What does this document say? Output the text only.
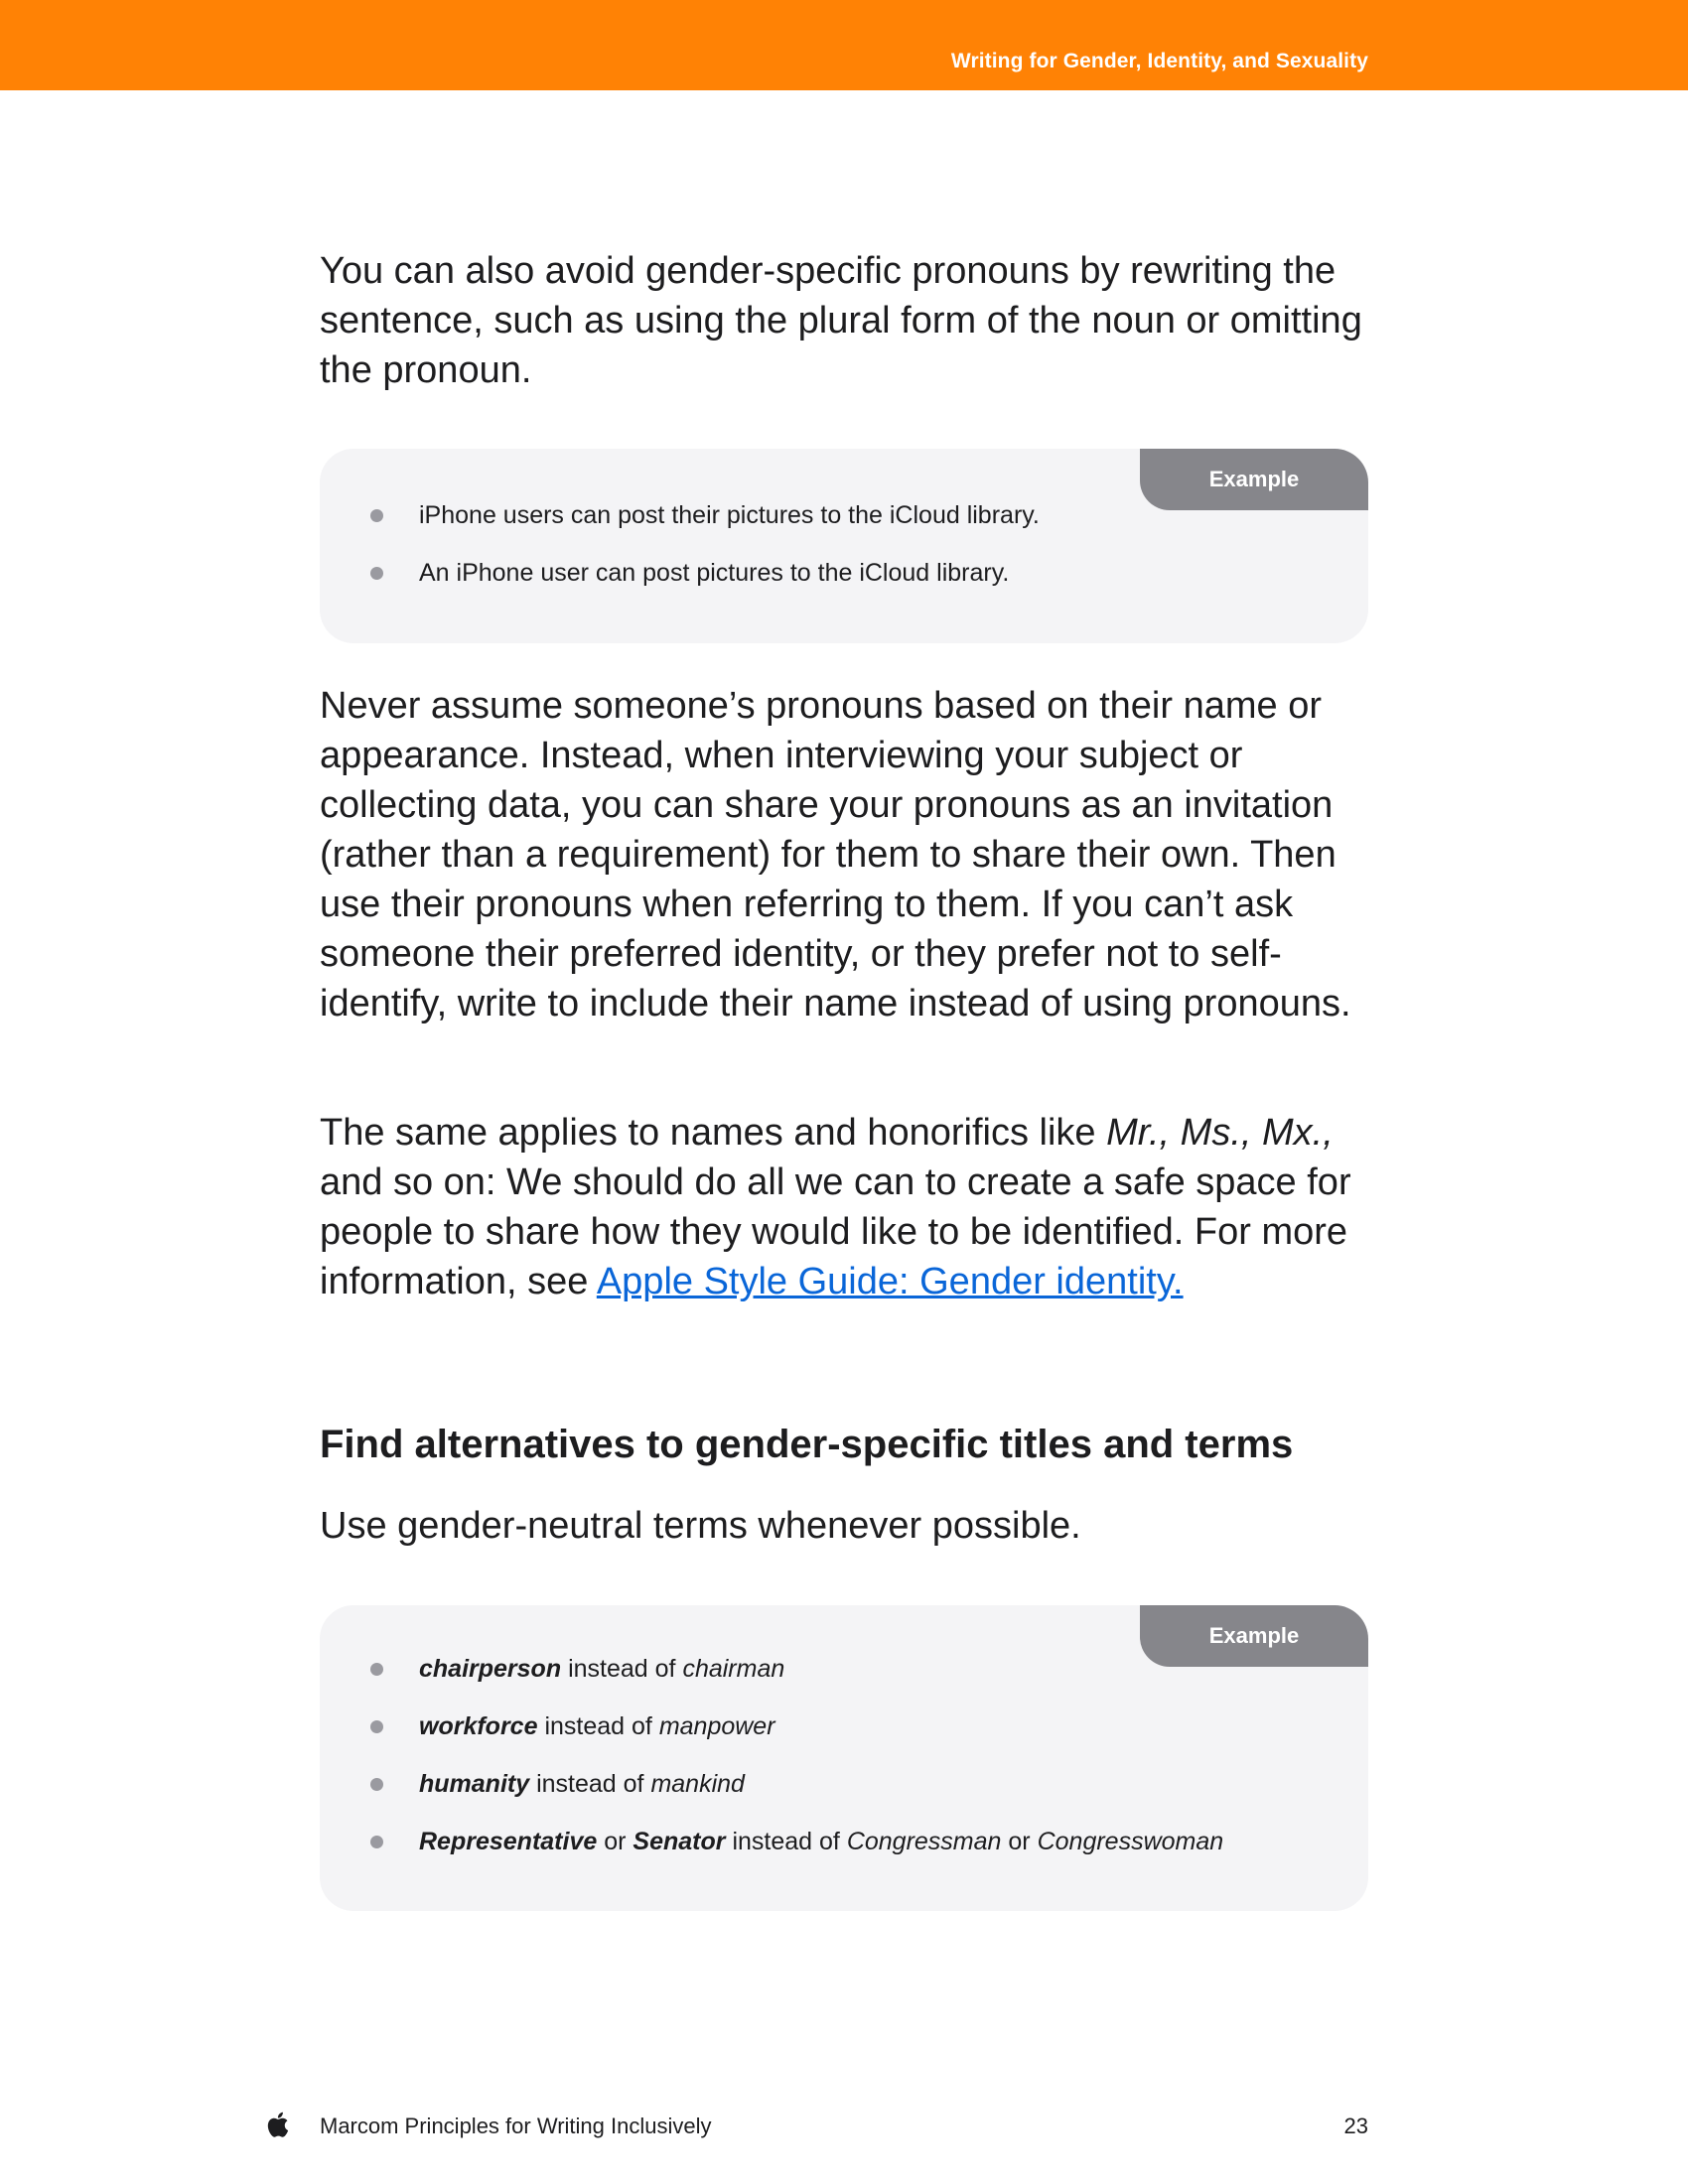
Writing for Gender, Identity, and Sexuality

You can also avoid gender-specific pronouns by rewriting the sentence, such as using the plural form of the noun or omitting the pronoun.

Example
iPhone users can post their pictures to the iCloud library.
An iPhone user can post pictures to the iCloud library.

Never assume someone’s pronouns based on their name or appearance. Instead, when interviewing your subject or collecting data, you can share your pronouns as an invitation (rather than a requirement) for them to share their own. Then use their pronouns when referring to them. If you can’t ask someone their preferred identity, or they prefer not to self-identify, write to include their name instead of using pronouns.

The same applies to names and honorifics like Mr., Ms., Mx., and so on: We should do all we can to create a safe space for people to share how they would like to be identified. For more information, see Apple Style Guide: Gender identity.

Find alternatives to gender-specific titles and terms

Use gender-neutral terms whenever possible.

Example
chairperson instead of chairman
workforce instead of manpower
humanity instead of mankind
Representative or Senator instead of Congressman or Congresswoman
Marcom Principles for Writing Inclusively	23
